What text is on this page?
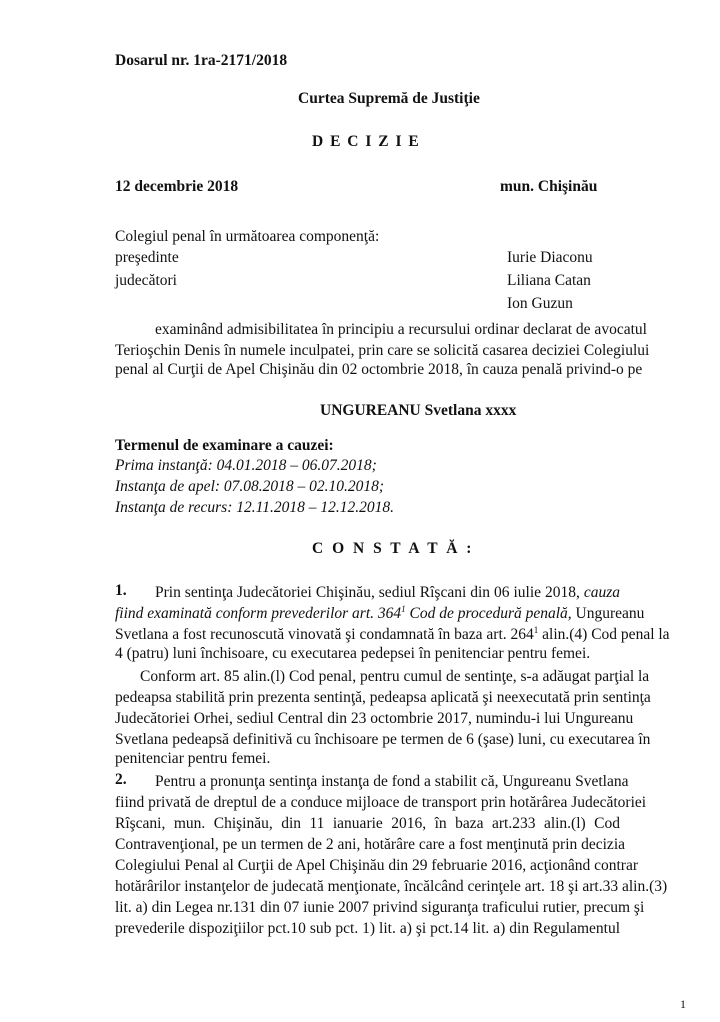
Dosarul nr. 1ra-2171/2018
Curtea Supremă de Justiţie
D E C I Z I E
12 decembrie 2018	mun. Chişinău
Colegiul penal în următoarea componenţă:
preşedinte	Iurie Diaconu
judecători	Liliana Catan
Ion Guzun
examinând admisibilitatea în principiu a recursului ordinar declarat de avocatul
Terioşchin Denis în numele inculpatei, prin care se solicită casarea deciziei Colegiului
penal al Curţii de Apel Chişinău din 02 octombrie 2018, în cauza penală privind-o pe
UNGUREANU Svetlana xxxx
Termenul de examinare a cauzei:
Prima instanţă: 04.01.2018 – 06.07.2018;
Instanţa de apel: 07.08.2018 – 02.10.2018;
Instanţa de recurs: 12.11.2018 – 12.12.2018.
C O N S T A T Ă :
1. Prin sentinţa Judecătoriei Chişinău, sediul Rîşcani din 06 iulie 2018, cauza
fiind examinată conform prevederilor art. $364^1$ Cod de procedură penală, Ungureanu
Svetlana a fost recunoscută vinovată şi condamnată în baza art. $264^1$ alin.(4) Cod penal la
4 (patru) luni închisoare, cu executarea pedepsei în penitenciar pentru femei.
Conform art. 85 alin.(l) Cod penal, pentru cumul de sentinţe, s-a adăugat parţial la
pedeapsa stabilită prin prezenta sentinţă, pedeapsa aplicată şi neexecutată prin sentinţa
Judecătoriei Orhei, sediul Central din 23 octombrie 2017, numindu-i lui Ungureanu
Svetlana pedeapsă definitivă cu închisoare pe termen de 6 (şase) luni, cu executarea în
penitenciar pentru femei.
2. Pentru a pronunţa sentinţa instanţa de fond a stabilit că, Ungureanu Svetlana
fiind privată de dreptul de a conduce mijloace de transport prin hotărârea Judecătoriei
Rîşcani, mun. Chişinău, din 11 ianuarie 2016, în baza art.233 alin.(l) Cod
Contravenţional, pe un termen de 2 ani, hotărâre care a fost menţinută prin decizia
Colegiului Penal al Curţii de Apel Chişinău din 29 februarie 2016, acţionând contrar
hotărârilor instanţelor de judecată menţionate, încălcând cerinţele art. 18 şi art.33 alin.(3)
lit. a) din Legea nr.131 din 07 iunie 2007 privind siguranţa traficului rutier, precum şi
prevederile dispoziţiilor pct.10 sub pct. 1) lit. a) şi pct.14 lit. a) din Regulamentul
1
